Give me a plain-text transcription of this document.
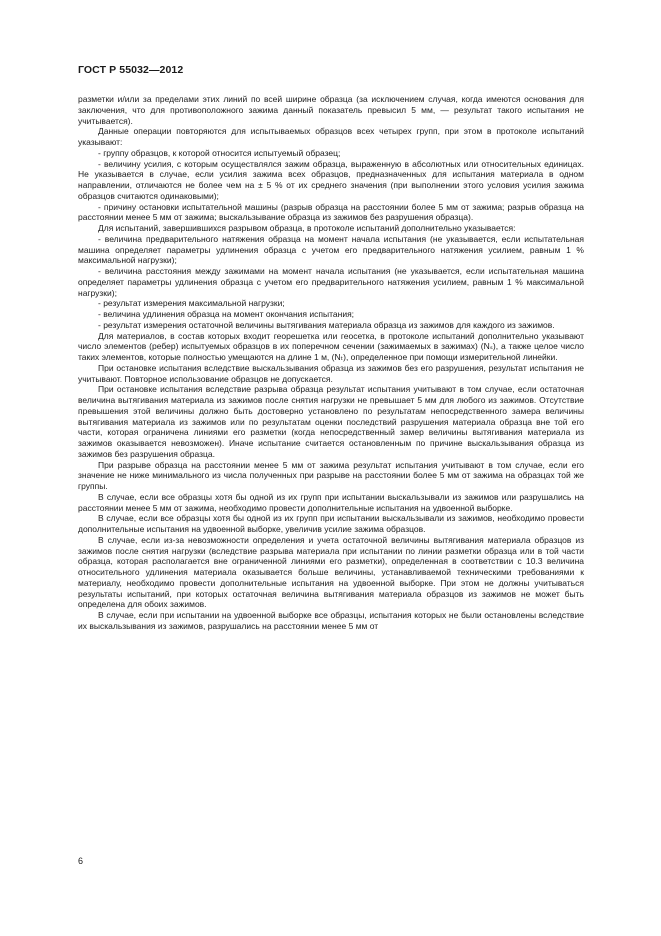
ГОСТ Р 55032—2012

разметки и/или за пределами этих линий по всей ширине образца (за исключением случая, когда имеются основания для заключения, что для противоположного зажима данный показатель превысил 5 мм, — результат такого испытания не учитывается).

Данные операции повторяются для испытываемых образцов всех четырех групп, при этом в протоколе испытаний указывают:

- группу образцов, к которой относится испытуемый образец;

- величину усилия, с которым осуществлялся зажим образца, выраженную в абсолютных или относительных единицах. Не указывается в случае, если усилия зажима всех образцов, предназначенных для испытания материала в одном направлении, отличаются не более чем на ± 5 % от их среднего значения (при выполнении этого условия усилия зажима образцов считаются одинаковыми);

- причину остановки испытательной машины (разрыв образца на расстоянии более 5 мм от зажима; разрыв образца на расстоянии менее 5 мм от зажима; выскальзывание образца из зажимов без разрушения образца).

Для испытаний, завершившихся разрывом образца, в протоколе испытаний дополнительно указывается:

- величина предварительного натяжения образца на момент начала испытания (не указывается, если испытательная машина определяет параметры удлинения образца с учетом его предварительного натяжения усилием, равным 1 % максимальной нагрузки);

- величина расстояния между зажимами на момент начала испытания (не указывается, если испытательная машина определяет параметры удлинения образца с учетом его предварительного натяжения усилием, равным 1 % максимальной нагрузки);

- результат измерения максимальной нагрузки;

- величина удлинения образца на момент окончания испытания;

- результат измерения остаточной величины вытягивания материала образца из зажимов для каждого из зажимов.

Для материалов, в состав которых входит георешетка или геосетка, в протоколе испытаний дополнительно указывают число элементов (ребер) испытуемых образцов в их поперечном сечении (зажимаемых в зажимах) (Nₛ), а также целое число таких элементов, которые полностью умещаются на длине 1 м, (Nₜ), определенное при помощи измерительной линейки.

При остановке испытания вследствие выскальзывания образца из зажимов без его разрушения, результат испытания не учитывают. Повторное использование образцов не допускается.

При остановке испытания вследствие разрыва образца результат испытания учитывают в том случае, если остаточная величина вытягивания материала из зажимов после снятия нагрузки не превышает 5 мм для любого из зажимов. Отсутствие превышения этой величины должно быть достоверно установлено по результатам непосредственного замера величины вытягивания материала из зажимов или по результатам оценки последствий разрушения материала образца вне той его части, которая ограничена линиями его разметки (когда непосредственный замер величины вытягивания материала из зажимов оказывается невозможен). Иначе испытание считается остановленным по причине выскальзывания образца из зажимов без разрушения образца.

При разрыве образца на расстоянии менее 5 мм от зажима результат испытания учитывают в том случае, если его значение не ниже минимального из числа полученных при разрыве на расстоянии более 5 мм от зажима на образцах той же группы.

В случае, если все образцы хотя бы одной из их групп при испытании выскальзывали из зажимов или разрушались на расстоянии менее 5 мм от зажима, необходимо провести дополнительные испытания на удвоенной выборке.

В случае, если все образцы хотя бы одной из их групп при испытании выскальзывали из зажимов, необходимо провести дополнительные испытания на удвоенной выборке, увеличив усилие зажима образцов.

В случае, если из-за невозможности определения и учета остаточной величины вытягивания материала образцов из зажимов после снятия нагрузки (вследствие разрыва материала при испытании по линии разметки образца или в той части образца, которая располагается вне ограниченной линиями его разметки), определенная в соответствии с 10.3 величина относительного удлинения материала оказывается больше величины, устанавливаемой техническими требованиями к материалу, необходимо провести дополнительные испытания на удвоенной выборке. При этом не должны учитываться результаты испытаний, при которых остаточная величина вытягивания материала образцов из зажимов не может быть определена для обоих зажимов.

В случае, если при испытании на удвоенной выборке все образцы, испытания которых не были остановлены вследствие их выскальзывания из зажимов, разрушались на расстоянии менее 5 мм от

6
